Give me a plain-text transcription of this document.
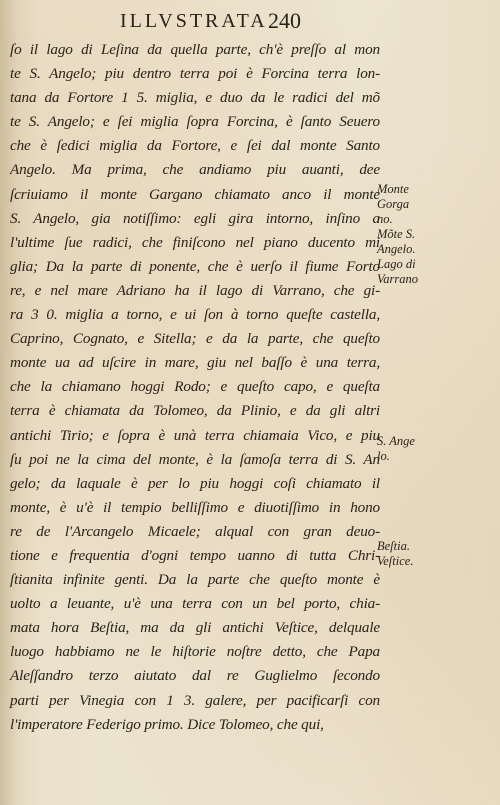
ILLVSTRATA 240
ſo il lago di Leſina da quella parte, ch'è preſſo al mon
te S. Angelo; piu dentro terra poi è Forcina terra lon-
tana da Fortore 1 5. miglia, e duo da le radici del mõ
te S. Angelo; e ſei miglia ſopra Forcina, è ſanto Seuero
che è ſedici miglia da Fortore, e ſei dal monte Santo
Angelo. Ma prima, che andiamo piu auanti, dee
ſcriuiamo il monte Gargano chiamato anco il monte
S. Angelo, gia notiſſimo: egli gira intorno, inſino a
l'ultime ſue radici, che finiſcono nel piano ducento mi
glia; Da la parte di ponente, che è uerſo il fiume Forto
re, e nel mare Adriano ha il lago di Varrano, che gi-
ra 3 0. miglia a torno, e ui ſon à torno queſte castella,
Caprino, Cognato, e Sitella; e da la parte, che queſto
monte ua ad uſcire in mare, giu nel baſſo è una terra,
che la chiamano hoggi Rodo; e queſto capo, e queſta
terra è chiamata da Tolomeo, da Plinio, e da gli altri
antichi Tirio; e ſopra è unà terra chiamaia Vico, e piu
ſu poi ne la cima del monte, è la ſamoſa terra di S. An
gelo; da laquale è per lo piu hoggi coſi chiamato il
monte, è u'è il tempio belliſſimo e diuotiſſimo in hono
re de l'Arcangelo Micaele; alqual con gran deuo-
tione e frequentia d'ogni tempo uanno di tutta Chri-
ſtianita infinite genti. Da la parte che queſto monte è
uolto a leuante, u'è una terra con un bel porto, chia-
mata hora Beſtia, ma da gli antichi Veſtice, delquale
luogo habbiamo ne le hiſtorie noſtre detto, che Papa
Aleſſandro terzo aiutato dal re Guglielmo ſecondo
parti per Vinegia con 1 3. galere, per pacificarſi con
l'imperatore Federigo primo. Dice Tolomeo, che qui,
Monte
Gorga
no.
Mõte S.
Angelo.
Lago di
Varrano
S. Ange
lo.
Beſtia.
Veſtice.
